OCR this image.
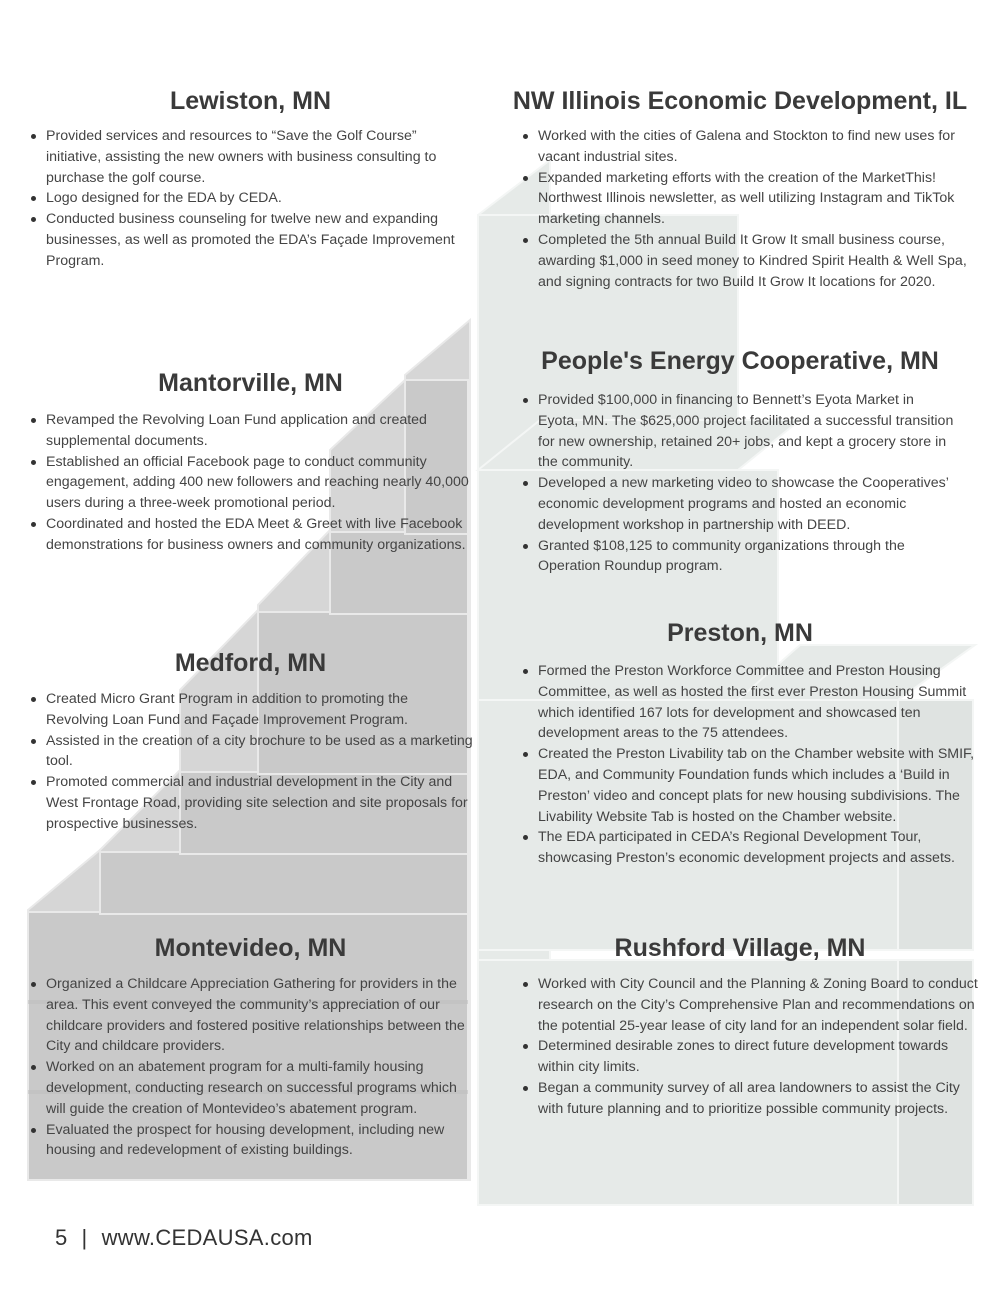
Lewiston, MN
Provided services and resources to “Save the Golf Course” initiative, assisting the new owners with business consulting to purchase the golf course.
Logo designed for the EDA by CEDA.
Conducted business counseling for twelve new and expanding businesses, as well as promoted the EDA’s Façade Improvement Program.
Mantorville, MN
Revamped the Revolving Loan Fund application and created supplemental documents.
Established an official Facebook page to conduct community engagement, adding 400 new followers and reaching nearly 40,000 users during a three-week promotional period.
Coordinated and hosted the EDA Meet & Greet with live Facebook demonstrations for business owners and community organizations.
Medford, MN
Created Micro Grant Program in addition to promoting the Revolving Loan Fund and Façade Improvement Program.
Assisted in the creation of a city brochure to be used as a marketing tool.
Promoted commercial and industrial development in the City and West Frontage Road, providing site selection and site proposals for prospective businesses.
Montevideo, MN
Organized a Childcare Appreciation Gathering for providers in the area. This event conveyed the community’s appreciation of our childcare providers and fostered positive relationships between the City and childcare providers.
Worked on an abatement program for a multi-family housing development, conducting research on successful programs which will guide the creation of Montevideo’s abatement program.
Evaluated the prospect for housing development, including new housing and redevelopment of existing buildings.
NW Illinois Economic Development, IL
Worked with the cities of Galena and Stockton to find new uses for vacant industrial sites.
Expanded marketing efforts with the creation of the MarketThis! Northwest Illinois newsletter, as well utilizing Instagram and TikTok marketing channels.
Completed the 5th annual Build It Grow It small business course, awarding $1,000 in seed money to Kindred Spirit Health & Well Spa, and signing contracts for two Build It Grow It locations for 2020.
People's Energy Cooperative, MN
Provided $100,000 in financing to Bennett’s Eyota Market in Eyota, MN. The $625,000 project facilitated a successful transition for new ownership, retained 20+ jobs, and kept a grocery store in the community.
Developed a new marketing video to showcase the Cooperatives’ economic development programs and hosted an economic development workshop in partnership with DEED.
Granted $108,125 to community organizations through the Operation Roundup program.
Preston, MN
Formed the Preston Workforce Committee and Preston Housing Committee, as well as hosted the first ever Preston Housing Summit which identified 167 lots for development and showcased ten development areas to the 75 attendees.
Created the Preston Livability tab on the Chamber website with SMIF, EDA, and Community Foundation funds which includes a ‘Build in Preston’ video and concept plats for new housing subdivisions. The Livability Website Tab is hosted on the Chamber website.
The EDA participated in CEDA’s Regional Development Tour, showcasing Preston’s economic development projects and assets.
Rushford Village, MN
Worked with City Council and the Planning & Zoning Board to conduct research on the City’s Comprehensive Plan and recommendations on the potential 25-year lease of city land for an independent solar field.
Determined desirable zones to direct future development towards within city limits.
Began a community survey of all area landowners to assist the City with future planning and to prioritize possible community projects.
5 | www.CEDAUSA.com
